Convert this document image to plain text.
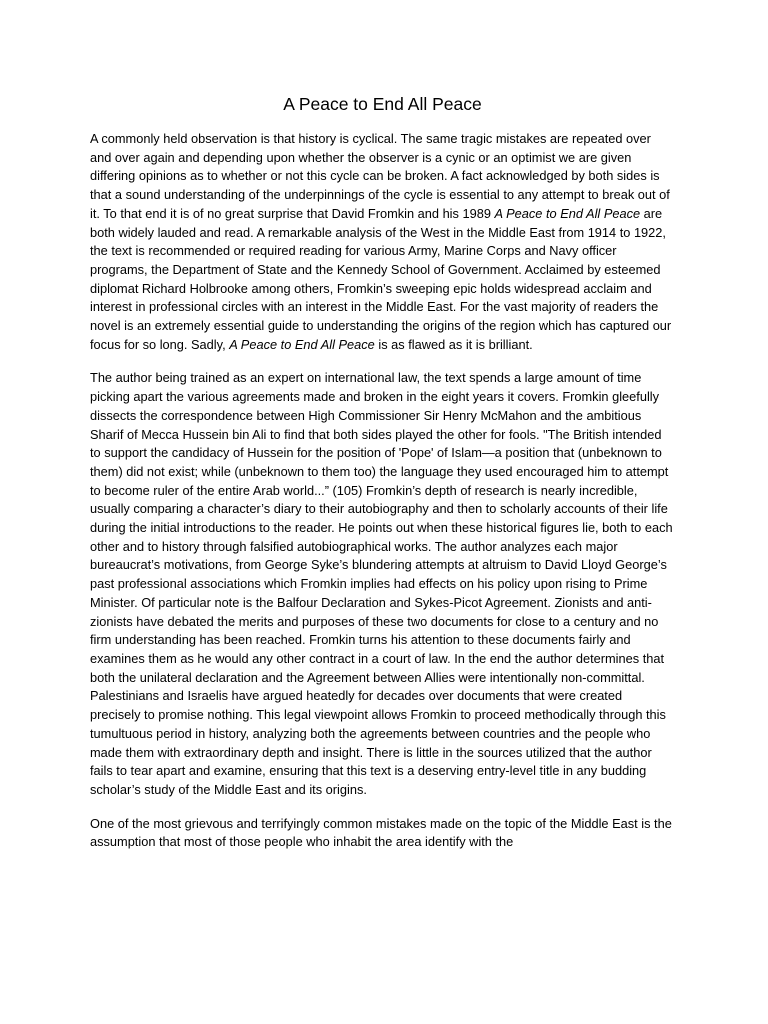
A Peace to End All Peace

A commonly held observation is that history is cyclical. The same tragic mistakes are repeated over and over again and depending upon whether the observer is a cynic or an optimist we are given differing opinions as to whether or not this cycle can be broken. A fact acknowledged by both sides is that a sound understanding of the underpinnings of the cycle is essential to any attempt to break out of it. To that end it is of no great surprise that David Fromkin and his 1989 A Peace to End All Peace are both widely lauded and read. A remarkable analysis of the West in the Middle East from 1914 to 1922, the text is recommended or required reading for various Army, Marine Corps and Navy officer programs, the Department of State and the Kennedy School of Government. Acclaimed by esteemed diplomat Richard Holbrooke among others, Fromkin’s sweeping epic holds widespread acclaim and interest in professional circles with an interest in the Middle East. For the vast majority of readers the novel is an extremely essential guide to understanding the origins of the region which has captured our focus for so long. Sadly, A Peace to End All Peace is as flawed as it is brilliant.

The author being trained as an expert on international law, the text spends a large amount of time picking apart the various agreements made and broken in the eight years it covers. Fromkin gleefully dissects the correspondence between High Commissioner Sir Henry McMahon and the ambitious Sharif of Mecca Hussein bin Ali to find that both sides played the other for fools. "The British intended to support the candidacy of Hussein for the position of 'Pope' of Islam—a position that (unbeknown to them) did not exist; while (unbeknown to them too) the language they used encouraged him to attempt to become ruler of the entire Arab world...” (105) Fromkin’s depth of research is nearly incredible, usually comparing a character’s diary to their autobiography and then to scholarly accounts of their life during the initial introductions to the reader. He points out when these historical figures lie, both to each other and to history through falsified autobiographical works. The author analyzes each major bureaucrat’s motivations, from George Syke’s blundering attempts at altruism to David Lloyd George’s past professional associations which Fromkin implies had effects on his policy upon rising to Prime Minister. Of particular note is the Balfour Declaration and Sykes-Picot Agreement. Zionists and anti-zionists have debated the merits and purposes of these two documents for close to a century and no firm understanding has been reached. Fromkin turns his attention to these documents fairly and examines them as he would any other contract in a court of law. In the end the author determines that both the unilateral declaration and the Agreement between Allies were intentionally non-committal. Palestinians and Israelis have argued heatedly for decades over documents that were created precisely to promise nothing. This legal viewpoint allows Fromkin to proceed methodically through this tumultuous period in history, analyzing both the agreements between countries and the people who made them with extraordinary depth and insight. There is little in the sources utilized that the author fails to tear apart and examine, ensuring that this text is a deserving entry-level title in any budding scholar’s study of the Middle East and its origins.

One of the most grievous and terrifyingly common mistakes made on the topic of the Middle East is the assumption that most of those people who inhabit the area identify with the
